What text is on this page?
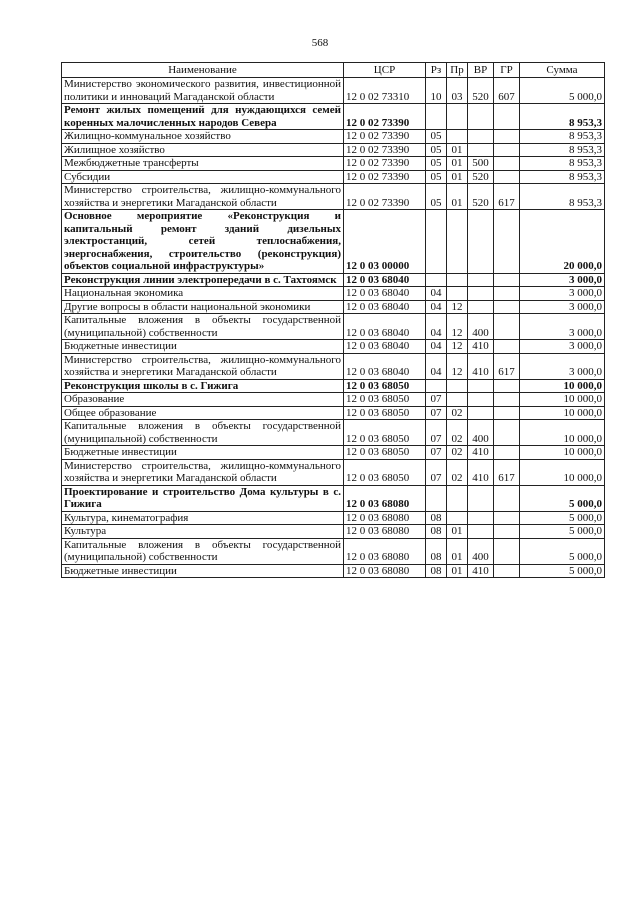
568
Наименование	ЦСР	Рз	Пр	ВР	ГР	Сумма
Министерство экономического развития, инвестиционной политики и инноваций Магаданской области	12 0 02 73310	10	03	520	607	5 000,0
Ремонт жилых помещений для нуждающихся семей коренных малочисленных народов Севера	12 0 02 73390					8 953,3
Жилищно-коммунальное хозяйство	12 0 02 73390	05				8 953,3
Жилищное хозяйство	12 0 02 73390	05	01			8 953,3
Межбюджетные трансферты	12 0 02 73390	05	01	500		8 953,3
Субсидии	12 0 02 73390	05	01	520		8 953,3
Министерство строительства, жилищно-коммунального хозяйства и энергетики Магаданской области	12 0 02 73390	05	01	520	617	8 953,3
Основное мероприятие «Реконструкция и капитальный ремонт зданий дизельных электростанций, сетей теплоснабжения, энергоснабжения, строительство (реконструкция) объектов социальной инфраструктуры»	12 0 03 00000					20 000,0
Реконструкция линии электропередачи в с. Тахтоямск	12 0 03 68040					3 000,0
Национальная экономика	12 0 03 68040	04				3 000,0
Другие вопросы в области национальной экономики	12 0 03 68040	04	12			3 000,0
Капитальные вложения в объекты государственной (муниципальной) собственности	12 0 03 68040	04	12	400		3 000,0
Бюджетные инвестиции	12 0 03 68040	04	12	410		3 000,0
Министерство строительства, жилищно-коммунального хозяйства и энергетики Магаданской области	12 0 03 68040	04	12	410	617	3 000,0
Реконструкция школы в с. Гижига	12 0 03 68050					10 000,0
Образование	12 0 03 68050	07				10 000,0
Общее образование	12 0 03 68050	07	02			10 000,0
Капитальные вложения в объекты государственной (муниципальной) собственности	12 0 03 68050	07	02	400		10 000,0
Бюджетные инвестиции	12 0 03 68050	07	02	410		10 000,0
Министерство строительства, жилищно-коммунального хозяйства и энергетики Магаданской области	12 0 03 68050	07	02	410	617	10 000,0
Проектирование и строительство Дома культуры в с. Гижига	12 0 03 68080					5 000,0
Культура, кинематография	12 0 03 68080	08				5 000,0
Культура	12 0 03 68080	08	01			5 000,0
Капитальные вложения в объекты государственной (муниципальной) собственности	12 0 03 68080	08	01	400		5 000,0
Бюджетные инвестиции	12 0 03 68080	08	01	410		5 000,0
